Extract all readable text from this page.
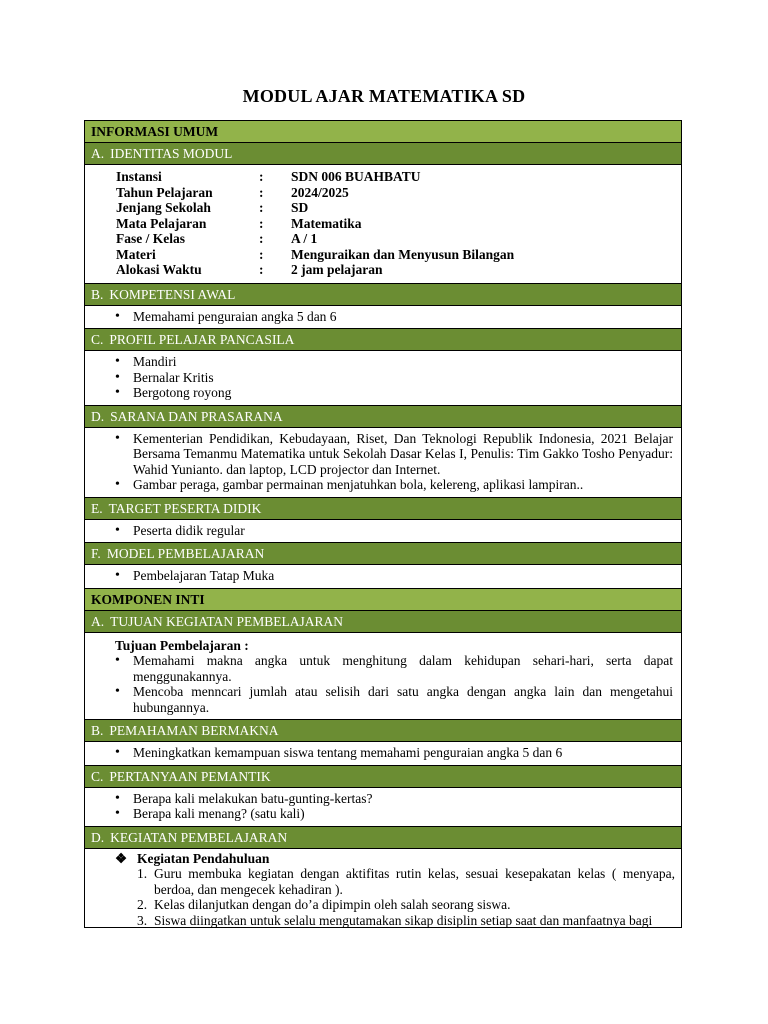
MODUL AJAR MATEMATIKA SD
INFORMASI UMUM
A. IDENTITAS MODUL
Instansi	:	SDN 006 BUAHBATU
Tahun Pelajaran	:	2024/2025
Jenjang Sekolah	:	SD
Mata Pelajaran	:	Matematika
Fase / Kelas	:	A / 1
Materi	:	Menguraikan dan Menyusun Bilangan
Alokasi Waktu	:	2 jam pelajaran
B. KOMPETENSI AWAL
• Memahami penguraian angka 5 dan 6
C. PROFIL PELAJAR PANCASILA
• Mandiri
• Bernalar Kritis
• Bergotong royong
D. SARANA DAN PRASARANA
• Kementerian Pendidikan, Kebudayaan, Riset, Dan Teknologi Republik Indonesia, 2021 Belajar Bersama Temanmu Matematika untuk Sekolah Dasar Kelas I, Penulis: Tim Gakko Tosho Penyadur: Wahid Yunianto. dan laptop, LCD projector dan Internet.
• Gambar peraga, gambar permainan menjatuhkan bola, kelereng, aplikasi lampiran..
E. TARGET PESERTA DIDIK
• Peserta didik regular
F. MODEL PEMBELAJARAN
• Pembelajaran Tatap Muka
KOMPONEN INTI
A. TUJUAN KEGIATAN PEMBELAJARAN
Tujuan Pembelajaran :
• Memahami makna angka untuk menghitung dalam kehidupan sehari-hari, serta dapat menggunakannya.
• Mencoba menncari jumlah atau selisih dari satu angka dengan angka lain dan mengetahui hubungannya.
B. PEMAHAMAN BERMAKNA
• Meningkatkan kemampuan siswa tentang memahami penguraian angka 5 dan 6
C. PERTANYAAN PEMANTIK
• Berapa kali melakukan batu-gunting-kertas?
• Berapa kali menang? (satu kali)
D. KEGIATAN PEMBELAJARAN
❖ Kegiatan Pendahuluan
1. Guru membuka kegiatan dengan aktifitas rutin kelas, sesuai kesepakatan kelas ( menyapa, berdoa, dan mengecek kehadiran ).
2. Kelas dilanjutkan dengan do’a dipimpin oleh salah seorang siswa.
3. Siswa diingatkan untuk selalu mengutamakan sikap disiplin setiap saat dan manfaatnya bagi
